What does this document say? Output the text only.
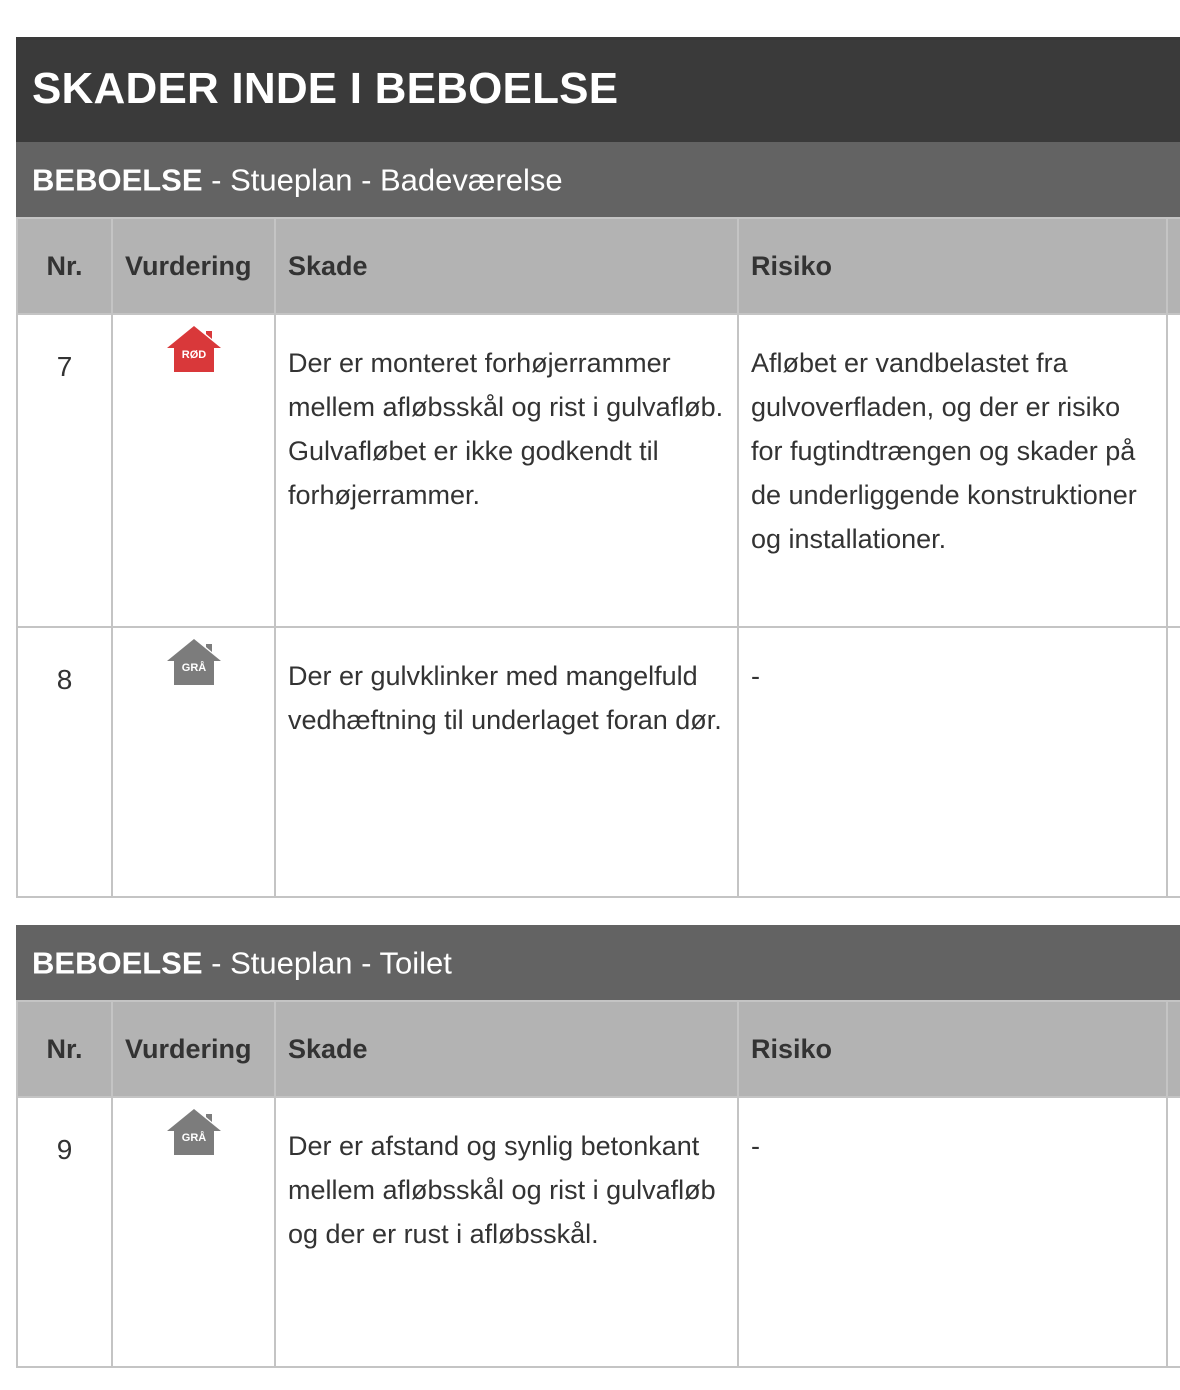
SKADER INDE I BEBOELSE
BEBOELSE - Stueplan - Badeværelse
Nr.	Vurdering	Skade	Risiko	
7	RØD	Der er monteret forhøjerrammer mellem afløbsskål og rist i gulvafløb. Gulvafløbet er ikke godkendt til forhøjerrammer.	Afløbet er vandbelastet fra gulvoverfladen, og der er risiko for fugtindtrængen og skader på de underliggende konstruktioner og installationer.	
8	GRÅ	Der er gulvklinker med mangelfuld vedhæftning til underlaget foran dør.	-	
BEBOELSE - Stueplan - Toilet
Nr.	Vurdering	Skade	Risiko	
9	GRÅ	Der er afstand og synlig betonkant mellem afløbsskål og rist i gulvafløb og der er rust i afløbsskål.	-	
